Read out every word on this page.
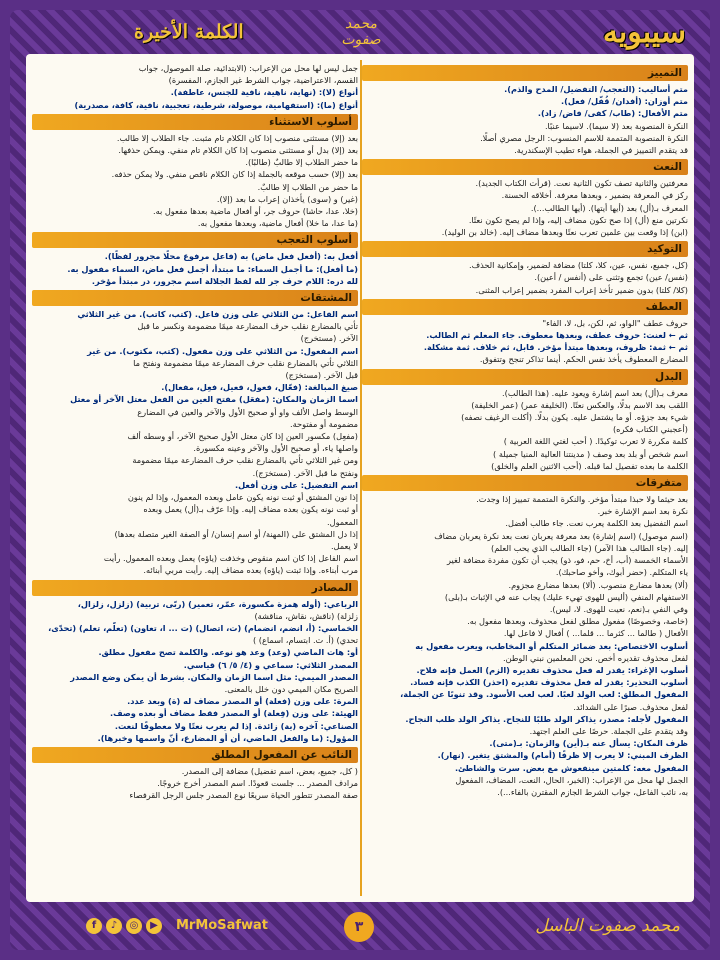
الكلمة الأخيرة	سيبويه
محمد صفوت
التمييز
متم أساليب: (التعجب/ التفضيل/ المدح والذم).
متم أوزان: (أفدان/ قُفّل/ فعل).
متم الأفعال: (طاب/ كفى/ فاض/ زاد).
النكرة المنصوبة بعد (لا سيما). لاسيما عنبًا.
النكرة المنصوبة المتممة للاسم المنسوب: الرجل مصري أصلًا.
قد يتقدم التمييز في الجملة، هواء تطيب الإسكندرية.
النعت
معرفتين والثانية تصف تكون الثانية نعت. (قرأت الكتاب الجديد).
ركز في المعرفة بضمير ، وبعدها معرفة. أخلاقه الحسنة.
المعرف بـ(أل) بعد (أيها أيتها). (أيها الطالب...).
نكرتين منع (أل) إذا صح تكون مضاف إليه، وإذا لم يصح تكون نعتًا.
(ابن) إذا وقعت بين علمين تعرب نعتًا وبعدها مضاف إليه. (خالد بن الوليد).
التوكيد
(كل، جميع، نفس، عين، كلا، كلتا) مضافة لضمير، وإمكانية الحذف.
(نفس/ عين) تجمع وتثنى على (أنفس / أعين).
(كلا/ كلتا) بدون ضمير تأخذ إعراب المفرد بضمير إعراب المثنى.
العطف
حروف عطف "الواو، ثم، لكن، بل، لا، الفاء"
ثم ← لعنت: حروف عطف، وبعدها معطوف. جاء المعلم ثم الطالب.
ثم ← ثمة: ظروف، وبعدها مبتدأ مؤخر. قابل، ثم خلاف. ثمة مشكلة.
المضارع المعطوف يأخذ نفس الحكم. أينما تذاكر تنجح وتتفوق.
البدل
معرف بـ(أل) بعد اسم إشارة ويعود عليه. (هذا الطالب).
اللقب بعد الاسم بدلًا، والعكس نعتًا. (الخليفة عمر) (عمر الخليفة)
شيء بعد جزؤه. أو ما يشتمل عليه. يكون بدلًا. (أكلت الرغيف نصفه)
(أعجبني الكتاب فكره)
كلمة مكررة لا تعرب توكيدًا. ( أحب لغتي اللغة العربية )
اسم شخص أو بلد بعد وصف ( مدينتنا العالية المنيا جميلة )
الكلمة ما بعده تفصيل لما قبله. (أحب الاثنين العلم والخلق)
متفرقات
بعد حيثما ولا حبذا مبتدأ مؤخر. والنكرة المتممة تمييز إذا وجدت.
نكرة بعد اسم الإشارة خبر.
اسم التفضيل بعد الكلمة يعرب نعت. جاء طالب أفضل.
(اسم موصول) (اسم إشارة) بعد معرفة يعربان نعت بعد نكرة يعربان مضاف
إليه. (جاء الطالب هذا الآمر) (جاء الطالب الذي يحب العلم)
الأسماء الخمسة (أب، أخ، حم، فو، ذو) يجب أن تكون مفردة مضافة لغير
ياء المتكلم. (حضر أبوك، وأخو صاحبك).
(ألا) بعدها مضارع منصوب. (ألا) بعدها مضارع مجزوم.
الاستفهام المنفي (أليس للهوى تهيء عليك) يجاب عنه في الإثبات بـ(بلى)
وفي النفي بـ(نعم، نعيت للهوى. لا، ليس).
(خاصة، وخصوصًا) مفعول مطلق لفعل محذوف، وبعدها مفعول به.
الأفعال ( طالما ... كثرما ... قلما... ) أفعال لا فاعل لها.
أسلوب الاختصاص: بعد ضمائر المتكلم أو المخاطب، ويعرب مفعول به
لفعل محذوف تقديره أخص. نحن المعلمين نبني الوطن.
أسلوب الإغراء: يقدر له فعل محذوف تقديره (الزم) العمل فإنه فلاح.
أسلوب التحذير: يقدر له فعل محذوف تقديره (احذر) الكذب فإنه فساد.
المفعول المطلق: لعب الولد لعبًا. لعب لعب الأسود. وقد تنوبًا عن الجملة،
لفعل محذوف. صبرًا على الشدائد.
المفعول لأجله: مصدر، يذاكر الولد طلبًا للنجاح. يذاكر الولد طلب النجاح.
وقد يتقدم على الجملة. حرصًا على العلم اجتهد.
ظرف المكان: يسأل عنه بـ(أين) والزمان: بـ(متى).
الظرف المبني: لا يعرب إلا ظرفًا (أمام) والمشتق يتغير. (نهار).
المفعول معه: كلمتين مينفعوش مع بعض. سرت والشاطئ.
الجمل لها محل من الإعراب: (الخبر، الحال، النعت، المضاف، المفعول
به، نائب الفاعل، جواب الشرط الجازم المقترن بالفاء...).
جمل ليس لها محل من الإعراب: (الابتدائية، صلة الموصول، جواب
القسم، الاعتراضية، جواب الشرط غير الجازم، المفسرة)
أنواع (لا): (نهاية، ناهية، نافية للجنس، عاطفة).
أنواع (ما): (استفهامية، موصولة، شرطية، تعجبية، نافية، كافة، مصدرية)
أسلوب الاستثناء
بعد (إلا) مستثنى منصوب إذا كان الكلام تام مثبت. جاء الطلاب إلا طالب.
بعد (إلا) بدل أو مستثنى منصوب إذا كان الكلام تام منفي. ويمكن حذفها.
ما حضر الطلاب إلا طالبٌ (طالبًا).
بعد (إلا) حسب موقعه بالجملة إذا كان الكلام ناقص منفي. ولا يمكن حذفه.
ما حضر من الطلاب إلا طالبٌ.
(غير) و (سوى) يأخذان إعراب ما بعد (إلا).
(خلا، عدا، حاشا) حروف جر، أو أفعال ماضية بعدها مفعول به.
(ما عدا، ما خلا) أفعال ماضية، وبعدها مفعول به.
أسلوب التعجب
أفعل به: (أفعل فعل ماض) به (فاعل مرفوع محلًا مجرور لفظًا).
(ما أفعل): ما أجمل السماء: ما مبتدأ، أجمل فعل ماض، السماء مفعول به.
لله دره: اللام حرف جر لله لفظ الجلالة اسم مجرور، در مبتدأ مؤخر.
المشتقات
اسم الفاعل: من الثلاثي على وزن فاعل. (كتب، كاتب). من غير الثلاثي
تأتي بالمضارع نقلب حرف المضارعة ميمًا مضمومة ونكسر ما قبل
الآخر. (مستخرج)
اسم المفعول: من الثلاثي على وزن مفعول. (كتب، مكتوب). من غير
الثلاثي تأتي بالمضارع نقلب حرف المضارعة ميمًا مضمومة ونفتح ما
قبل الآخر. (مستخرَج)
صيغ المبالغة: (فعّال، فعول، فعيل، فعِل، مفعال).
اسما الزمان والمكان: (مفعَل) مفتح العين من الفعل معتل الآخر أو معتل
الوسط واصل الألف واو أو صحيح الأول والآخر والعين في المضارع
مضمومة أو مفتوحة.
(مفعِل) مكسور العين إذا كان معتل الأول صحيح الآخر، أو وسطه ألف
واصلها ياء، أو صحيح الأول والآخر وعينه مكسورة.
ومن غير الثلاثي تأتي بالمضارع نقلب حرف المضارعة ميمًا مضمومة
ونفتح ما قبل الآخر. (مستخرَج).
اسم التفضيل: على وزن أفعل.
إذا نون المشتق أو ثبت نونه يكون عامل وبعده المعمول، وإذا لم ينون
أو ثبت نونه يكون بعده مضاف إليه. وإذا عرّف بـ(أل) يعمل وبعده
المعمول.
إذا دل المشتق على (المهنة/ أو اسم إنسان/ أو الصفة الغير متصلة بعدها)
لا يعمل.
اسم الفاعل إذا كان اسم منقوص وخذفت (ياؤه) يعمل وبعده المعمول. رأيت
مرب أبناءه. وإذا ثبتت (ياؤه) بعده مضاف إليه. رأيت مربي أبنائه.
المصادر
الرباعي: (أوله همزة مكسورة، عمّر، تعمير) (ربّى، تربية) (زلزل، زلزال،
زلزلة) (ناقش، نقاش، مناقشة)
الخماسي: (أ، انضم، انضمام) (ت، اتصال) (ت ... ا، تعاون) (تعلّم، تعلم) (تحدّى،
تحدي) (أ. ت. ابتسام، اسماع) )
أو: هات الماضي (وعد) وعد هو نوعه. والكلمة تصح مفعول مطلق.
المصدر الثلاثي: سماعي و (٤/ ٥/ ٦) قياسي.
المصدر الميمي: مثل اسما الزمان والمكان. بشرط أن يمكن وضع المصدر
الصريح مكان الميمي دون خلل بالمعنى.
المرة: على وزن (فعلة) أو المصدر مضاف له (ة) وبعد عدد.
الهيئة: على وزن (فِعلة) أو المصدر فقط مضاف أو بعده وصف.
الصناعي: آخره (ية) زائدة. إذا لم يعرب نعتًا ولا معطوفًا لنعت.
المؤول: (ما والفعل الماضي، أن أو المضارع، أنّ واسمها وخبرها).
النائب عن المفعول المطلق
( كل، جميع، بعض، اسم تفضيل) مضافة إلى المصدر.
مرادف المصدر ... جلست قعودًا. اسم المصدر أخرج خروجًا.
صفة المصدر تتطور الحياة سريعًا نوع المصدر جلس الرجل القرفصاء
f	♪	◎	▶	MrMoSafwat	٣	محمد صفوت الباسل
